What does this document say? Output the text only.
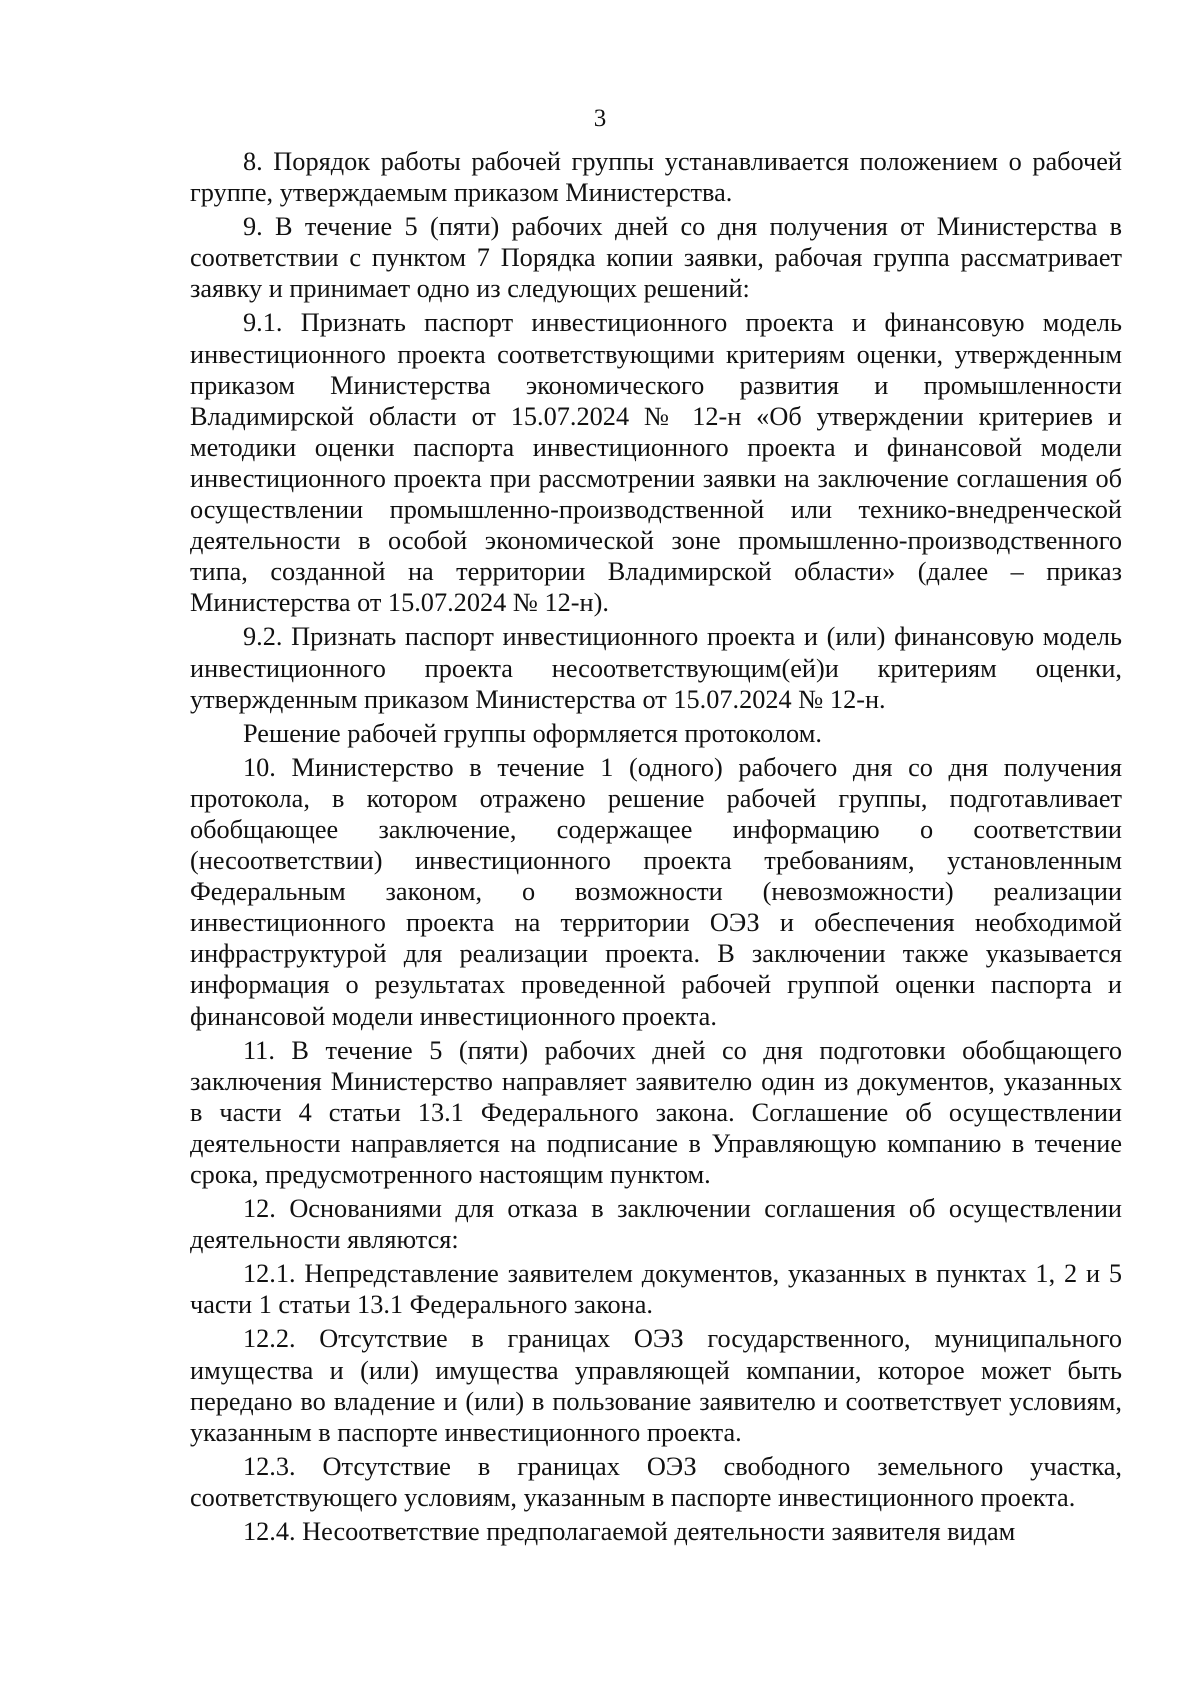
3

8. Порядок работы рабочей группы устанавливается положением о рабочей группе, утверждаемым приказом Министерства.

9. В течение 5 (пяти) рабочих дней со дня получения от Министерства в соответствии с пунктом 7 Порядка копии заявки, рабочая группа рассматривает заявку и принимает одно из следующих решений:

9.1. Признать паспорт инвестиционного проекта и финансовую модель инвестиционного проекта соответствующими критериям оценки, утвержденным приказом Министерства экономического развития и промышленности Владимирской области от 15.07.2024 № 12-н «Об утверждении критериев и методики оценки паспорта инвестиционного проекта и финансовой модели инвестиционного проекта при рассмотрении заявки на заключение соглашения об осуществлении промышленно-производственной или технико-внедренческой деятельности в особой экономической зоне промышленно-производственного типа, созданной на территории Владимирской области» (далее – приказ Министерства от 15.07.2024 № 12-н).

9.2. Признать паспорт инвестиционного проекта и (или) финансовую модель инвестиционного проекта несоответствующим(ей)и критериям оценки, утвержденным приказом Министерства от 15.07.2024 № 12-н.

Решение рабочей группы оформляется протоколом.

10. Министерство в течение 1 (одного) рабочего дня со дня получения протокола, в котором отражено решение рабочей группы, подготавливает обобщающее заключение, содержащее информацию о соответствии (несоответствии) инвестиционного проекта требованиям, установленным Федеральным законом, о возможности (невозможности) реализации инвестиционного проекта на территории ОЭЗ и обеспечения необходимой инфраструктурой для реализации проекта. В заключении также указывается информация о результатах проведенной рабочей группой оценки паспорта и финансовой модели инвестиционного проекта.

11. В течение 5 (пяти) рабочих дней со дня подготовки обобщающего заключения Министерство направляет заявителю один из документов, указанных в части 4 статьи 13.1 Федерального закона. Соглашение об осуществлении деятельности направляется на подписание в Управляющую компанию в течение срока, предусмотренного настоящим пунктом.

12. Основаниями для отказа в заключении соглашения об осуществлении деятельности являются:

12.1. Непредставление заявителем документов, указанных в пунктах 1, 2 и 5 части 1 статьи 13.1 Федерального закона.

12.2. Отсутствие в границах ОЭЗ государственного, муниципального имущества и (или) имущества управляющей компании, которое может быть передано во владение и (или) в пользование заявителю и соответствует условиям, указанным в паспорте инвестиционного проекта.

12.3. Отсутствие в границах ОЭЗ свободного земельного участка, соответствующего условиям, указанным в паспорте инвестиционного проекта.

12.4. Несоответствие предполагаемой деятельности заявителя видам
